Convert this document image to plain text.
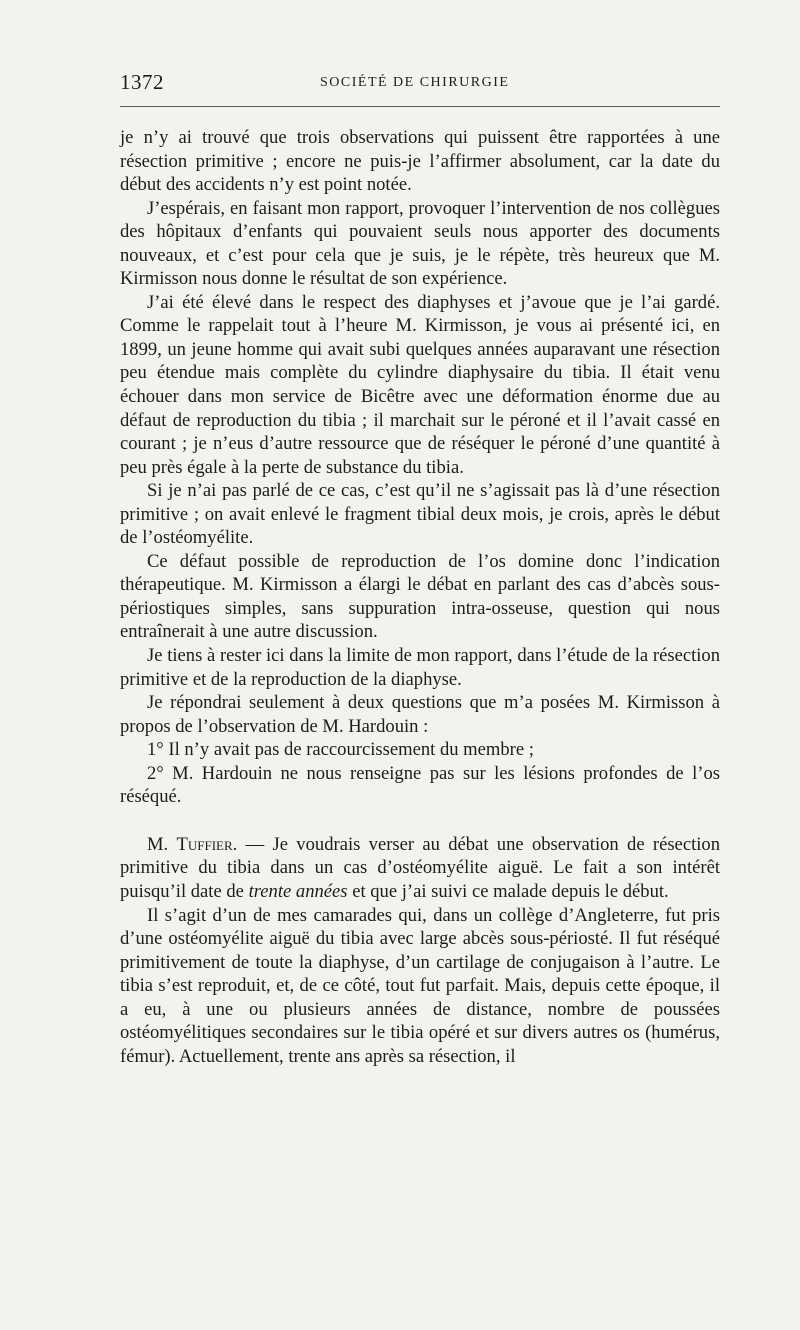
1372	SOCIÉTÉ DE CHIRURGIE

je n’y ai trouvé que trois observations qui puissent être rapportées à une résection primitive ; encore ne puis-je l’affirmer absolument, car la date du début des accidents n’y est point notée.

J’espérais, en faisant mon rapport, provoquer l’intervention de nos collègues des hôpitaux d’enfants qui pouvaient seuls nous apporter des documents nouveaux, et c’est pour cela que je suis, je le répète, très heureux que M. Kirmisson nous donne le résultat de son expérience.

J’ai été élevé dans le respect des diaphyses et j’avoue que je l’ai gardé. Comme le rappelait tout à l’heure M. Kirmisson, je vous ai présenté ici, en 1899, un jeune homme qui avait subi quelques années auparavant une résection peu étendue mais complète du cylindre diaphysaire du tibia. Il était venu échouer dans mon service de Bicêtre avec une déformation énorme due au défaut de reproduction du tibia ; il marchait sur le péroné et il l’avait cassé en courant ; je n’eus d’autre ressource que de réséquer le péroné d’une quantité à peu près égale à la perte de substance du tibia.

Si je n’ai pas parlé de ce cas, c’est qu’il ne s’agissait pas là d’une résection primitive ; on avait enlevé le fragment tibial deux mois, je crois, après le début de l’ostéomyélite.

Ce défaut possible de reproduction de l’os domine donc l’indication thérapeutique. M. Kirmisson a élargi le débat en parlant des cas d’abcès sous-périostiques simples, sans suppuration intra-osseuse, question qui nous entraînerait à une autre discussion.

Je tiens à rester ici dans la limite de mon rapport, dans l’étude de la résection primitive et de la reproduction de la diaphyse.

Je répondrai seulement à deux questions que m’a posées M. Kirmisson à propos de l’observation de M. Hardouin :

1° Il n’y avait pas de raccourcissement du membre ;

2° M. Hardouin ne nous renseigne pas sur les lésions profondes de l’os réséqué.

M. Tuffier. — Je voudrais verser au débat une observation de résection primitive du tibia dans un cas d’ostéomyélite aiguë. Le fait a son intérêt puisqu’il date de trente années et que j’ai suivi ce malade depuis le début.

Il s’agit d’un de mes camarades qui, dans un collège d’Angleterre, fut pris d’une ostéomyélite aiguë du tibia avec large abcès sous-périosté. Il fut réséqué primitivement de toute la diaphyse, d’un cartilage de conjugaison à l’autre. Le tibia s’est reproduit, et, de ce côté, tout fut parfait. Mais, depuis cette époque, il a eu, à une ou plusieurs années de distance, nombre de poussées ostéomyélitiques secondaires sur le tibia opéré et sur divers autres os (humérus, fémur). Actuellement, trente ans après sa résection, il
